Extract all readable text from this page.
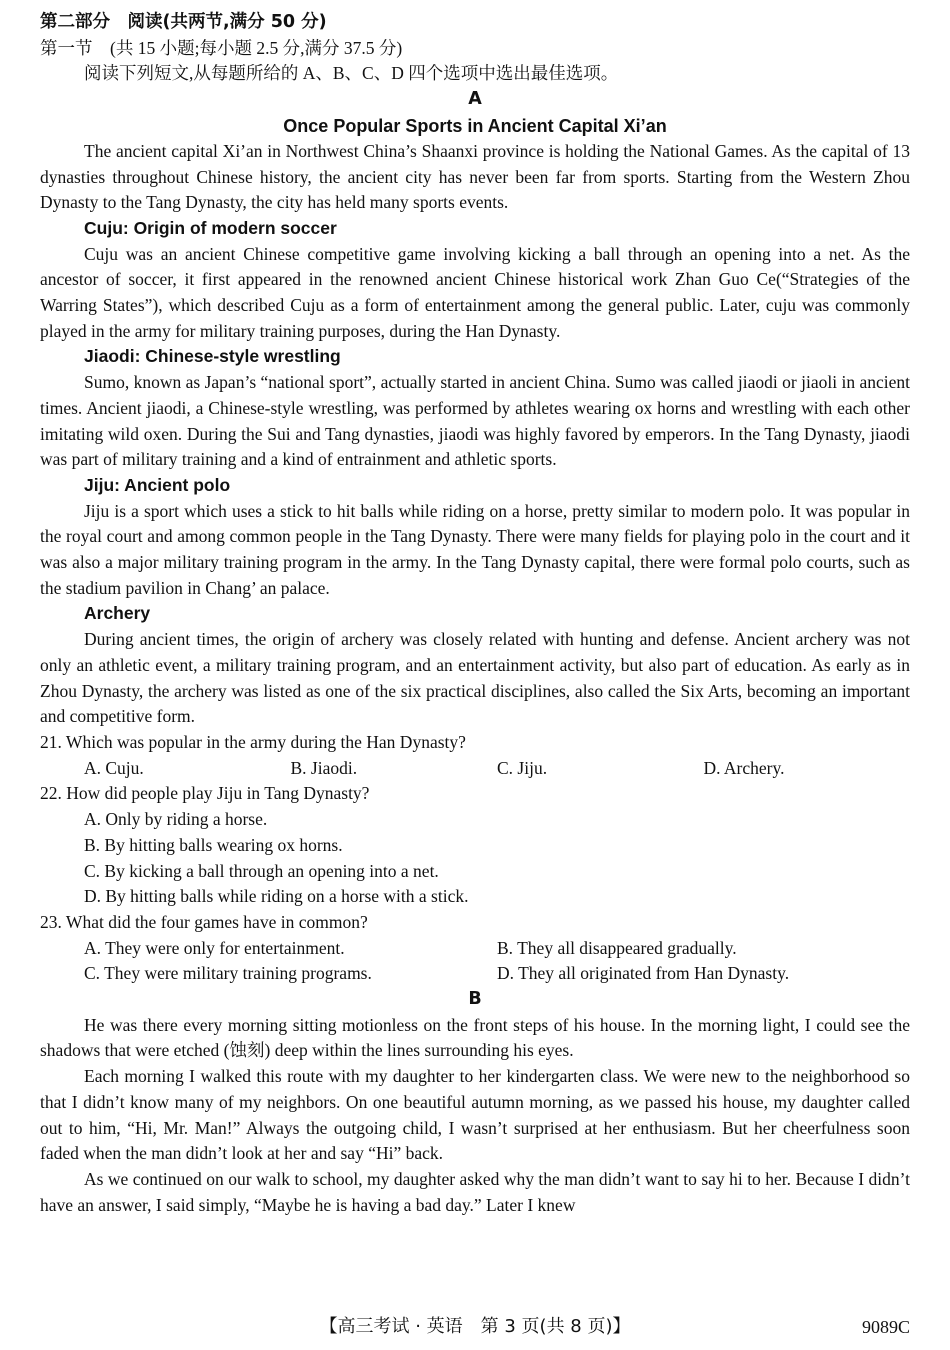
第二部分　阅读(共两节,满分 50 分)
第一节　(共 15 小题;每小题 2.5 分,满分 37.5 分)
阅读下列短文,从每题所给的 A、B、C、D 四个选项中选出最佳选项。
A
Once Popular Sports in Ancient Capital Xi’an
The ancient capital Xi’an in Northwest China’s Shaanxi province is holding the National Games. As the capital of 13 dynasties throughout Chinese history, the ancient city has never been far from sports. Starting from the Western Zhou Dynasty to the Tang Dynasty, the city has held many sports events.
Cuju: Origin of modern soccer
Cuju was an ancient Chinese competitive game involving kicking a ball through an opening into a net. As the ancestor of soccer, it first appeared in the renowned ancient Chinese historical work Zhan Guo Ce(“Strategies of the Warring States”), which described Cuju as a form of entertainment among the general public. Later, cuju was commonly played in the army for military training purposes, during the Han Dynasty.
Jiaodi: Chinese-style wrestling
Sumo, known as Japan’s “national sport”, actually started in ancient China. Sumo was called jiaodi or jiaoli in ancient times. Ancient jiaodi, a Chinese-style wrestling, was performed by athletes wearing ox horns and wrestling with each other imitating wild oxen. During the Sui and Tang dynasties, jiaodi was highly favored by emperors. In the Tang Dynasty, jiaodi was part of military training and a kind of entrainment and athletic sports.
Jiju: Ancient polo
Jiju is a sport which uses a stick to hit balls while riding on a horse, pretty similar to modern polo. It was popular in the royal court and among common people in the Tang Dynasty. There were many fields for playing polo in the court and it was also a major military training program in the army. In the Tang Dynasty capital, there were formal polo courts, such as the stadium pavilion in Chang’ an palace.
Archery
During ancient times, the origin of archery was closely related with hunting and defense. Ancient archery was not only an athletic event, a military training program, and an entertainment activity, but also part of education. As early as in Zhou Dynasty, the archery was listed as one of the six practical disciplines, also called the Six Arts, becoming an important and competitive form.
21. Which was popular in the army during the Han Dynasty?
A. Cuju.	B. Jiaodi.	C. Jiju.	D. Archery.
22. How did people play Jiju in Tang Dynasty?
A. Only by riding a horse.
B. By hitting balls wearing ox horns.
C. By kicking a ball through an opening into a net.
D. By hitting balls while riding on a horse with a stick.
23. What did the four games have in common?
A. They were only for entertainment.	B. They all disappeared gradually.
C. They were military training programs.	D. They all originated from Han Dynasty.
B
He was there every morning sitting motionless on the front steps of his house. In the morning light, I could see the shadows that were etched (蚀刻) deep within the lines surrounding his eyes.
Each morning I walked this route with my daughter to her kindergarten class. We were new to the neighborhood so that I didn’t know many of my neighbors. On one beautiful autumn morning, as we passed his house, my daughter called out to him, “Hi, Mr. Man!” Always the outgoing child, I wasn’t surprised at her enthusiasm. But her cheerfulness soon faded when the man didn’t look at her and say “Hi” back.
As we continued on our walk to school, my daughter asked why the man didn’t want to say hi to her. Because I didn’t have an answer, I said simply, “Maybe he is having a bad day.” Later I knew
【高三考试 · 英语　第 3 页(共 8 页)】	9089C
